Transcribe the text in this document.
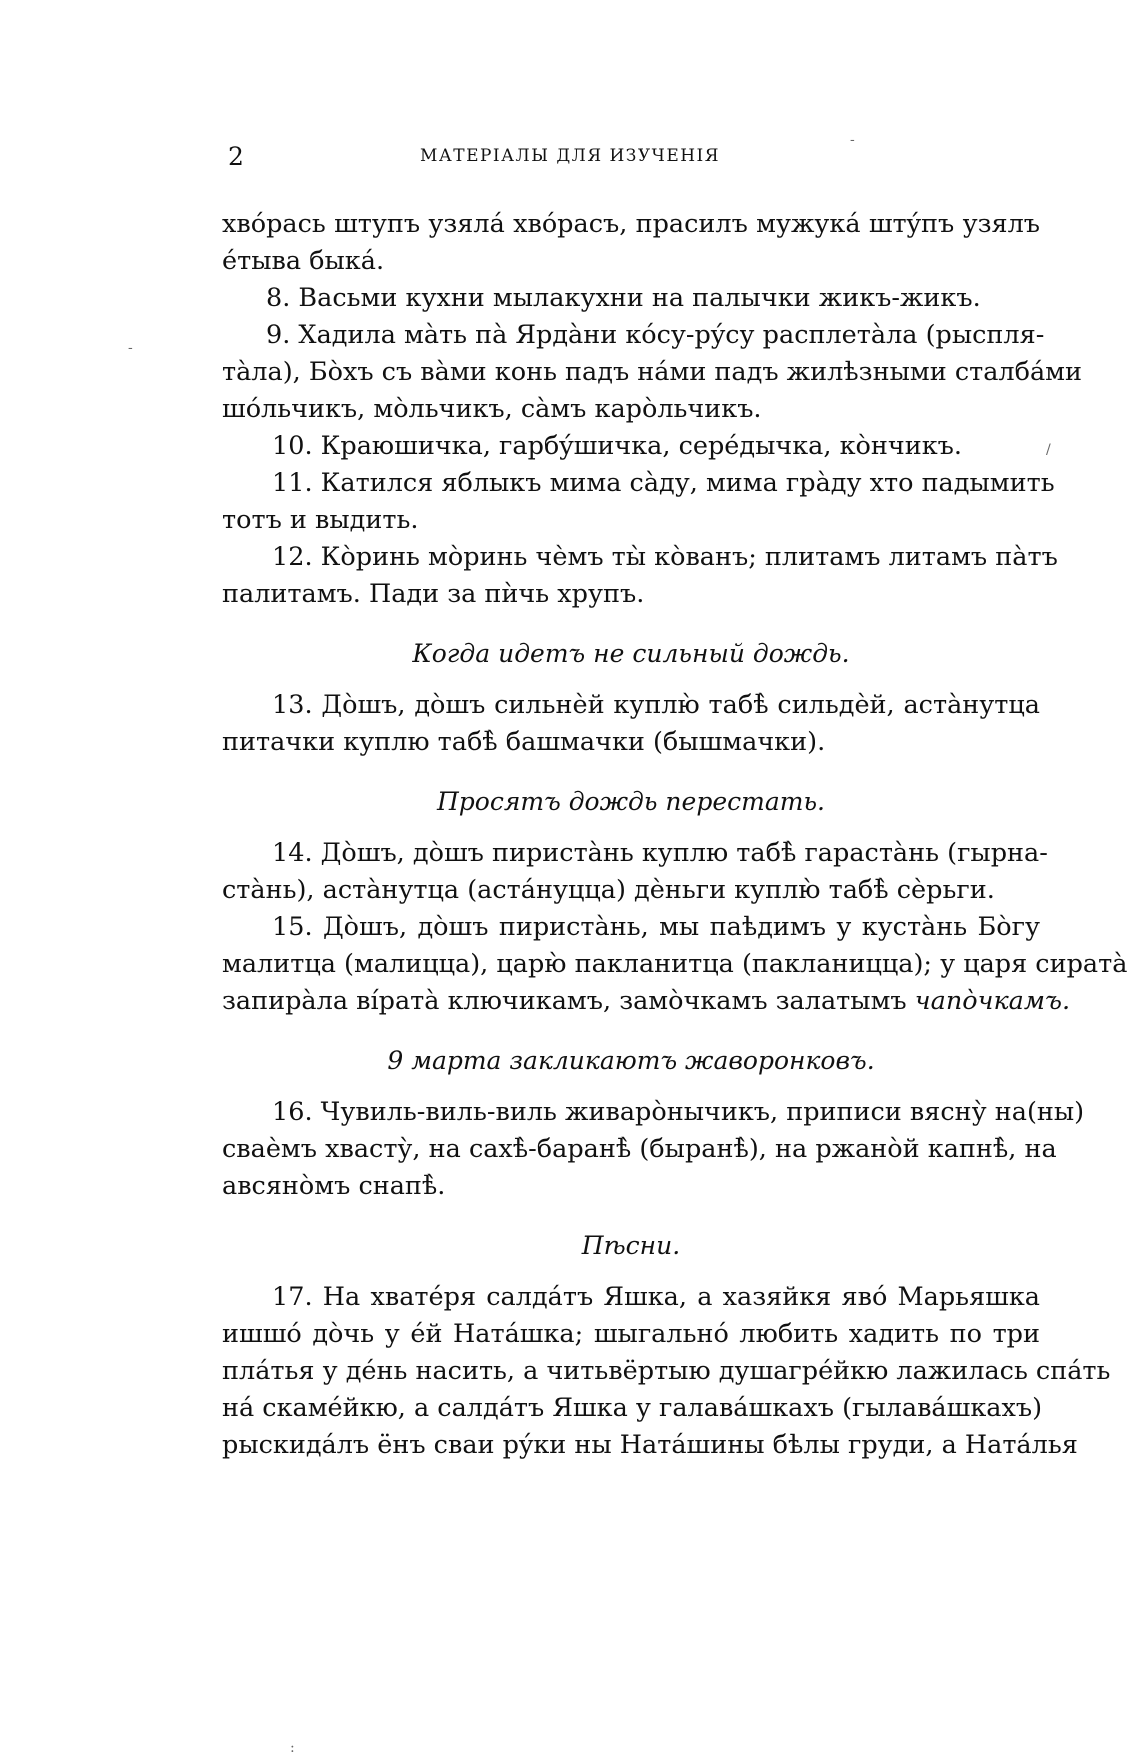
2	МАТЕРІАЛЫ ДЛЯ ИЗУЧЕНІЯ
-
-
/
:
хвóрась штупъ узялá хвóрасъ, прасилъ мужукá штýпъ узялъ
éтыва быкá.
8. Васьми кухни мылакухни на палычки жикъ-жикъ.
9. Хадила мàть пà Ярдàни кóсу-рýсу расплетàла (рыспля-
тàла), Бòхъ съ вàми конь падъ нáми падъ жилѣзными сталбáми
шóльчикъ, мòльчикъ, сàмъ карòльчикъ.
10. Краюшичка, гарбýшичка, серéдычка, кòнчикъ.
11. Катился яблыкъ мима сàду, мима грàду хто падымить
тотъ и выдить.
12. Кòринь мòринь чѐмъ ты̀ кòванъ; плитамъ литамъ пàтъ
палитамъ. Пади за пѝчь хрупъ.
Когда идетъ не сильный дождь.
13. Дòшъ, дòшъ сильнѐй куплю̀ табѣ̀ сильдѐй, астàнутца
питачки куплю табѣ̀ башмачки (бышмачки).
Просятъ дождь перестать.
14. Дòшъ, дòшъ пиристàнь куплю табѣ̀ гарастàнь (гырна-
стàнь), астàнутца (астáнуцца) дѐньги куплю̀ табѣ̀ сѐрьги.
15. Дòшъ, дòшъ пиристàнь, мы паѣдимъ у кустàнь Бòгу
малитца (малицца), царю̀ пакланитца (пакланицца); у царя сиратà
запирàла вíратà ключикамъ, замòчкамъ залатымъ чапòчкамъ.
9 марта закликаютъ жаворонковъ.
16. Чувиль-виль-виль живарòнычикъ, приписи вясну̀ на(ны)
сваѐмъ хвасту̀, на сахѣ̀-баранѣ̀ (быранѣ̀), на ржанòй капнѣ̀, на
авсянòмъ снапѣ̀.
Пѣсни.
17. На хватéря салдáтъ Яшка, а хазяйкя явó Марьяшка
ишшó дòчь у éй Натáшка; шыгальнó любить хадить по три
плáтья у дéнь насить, а читьвёртыю душагрéйкю лажилась спáть
нá скамéйкю, а салдáтъ Яшка у галавáшкахъ (гылавáшкахъ)
рыскидáлъ ёнъ сваи рýки ны Натáшины бѣлы груди, а Натáлья
